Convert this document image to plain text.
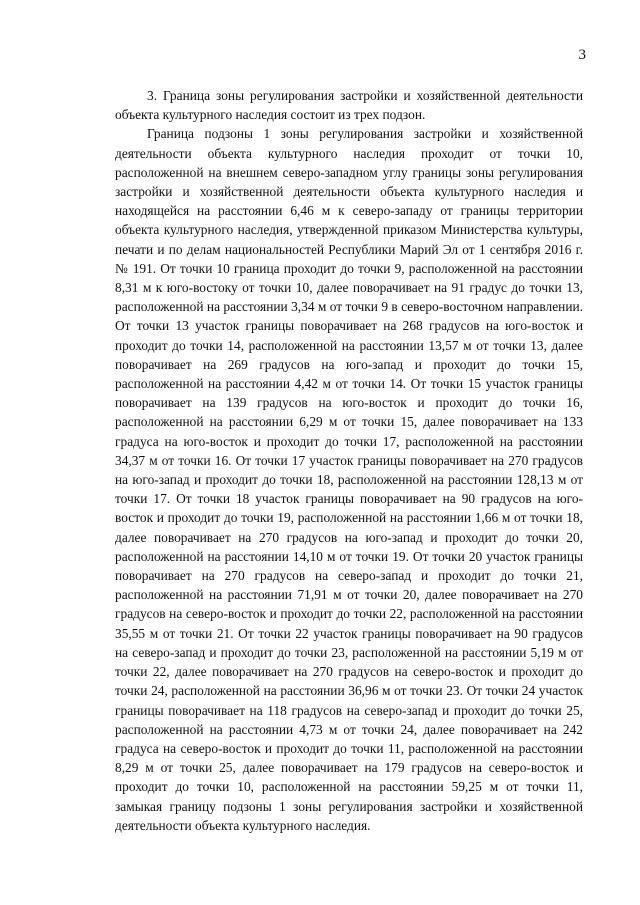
3

3. Граница зоны регулирования застройки и хозяйственной деятельности объекта культурного наследия состоит из трех подзон.

Граница подзоны 1 зоны регулирования застройки и хозяйственной деятельности объекта культурного наследия проходит от точки 10, расположенной на внешнем северо-западном углу границы зоны регулирования застройки и хозяйственной деятельности объекта культурного наследия и находящейся на расстоянии 6,46 м к северо-западу от границы территории объекта культурного наследия, утвержденной приказом Министерства культуры, печати и по делам национальностей Республики Марий Эл от 1 сентября 2016 г. № 191. От точки 10 граница проходит до точки 9, расположенной на расстоянии 8,31 м к юго-востоку от точки 10, далее поворачивает на 91 градус до точки 13, расположенной на расстоянии 3,34 м от точки 9 в северо-восточном направлении. От точки 13 участок границы поворачивает на 268 градусов на юго-восток и проходит до точки 14, расположенной на расстоянии 13,57 м от точки 13, далее поворачивает на 269 градусов на юго-запад и проходит до точки 15, расположенной на расстоянии 4,42 м от точки 14. От точки 15 участок границы поворачивает на 139 градусов на юго-восток и проходит до точки 16, расположенной на расстоянии 6,29 м от точки 15, далее поворачивает на 133 градуса на юго-восток и проходит до точки 17, расположенной на расстоянии 34,37 м от точки 16. От точки 17 участок границы поворачивает на 270 градусов на юго-запад и проходит до точки 18, расположенной на расстоянии 128,13 м от точки 17. От точки 18 участок границы поворачивает на 90 градусов на юго-восток и проходит до точки 19, расположенной на расстоянии 1,66 м от точки 18, далее поворачивает на 270 градусов на юго-запад и проходит до точки 20, расположенной на расстоянии 14,10 м от точки 19. От точки 20 участок границы поворачивает на 270 градусов на северо-запад и проходит до точки 21, расположенной на расстоянии 71,91 м от точки 20, далее поворачивает на 270 градусов на северо-восток и проходит до точки 22, расположенной на расстоянии 35,55 м от точки 21. От точки 22 участок границы поворачивает на 90 градусов на северо-запад и проходит до точки 23, расположенной на расстоянии 5,19 м от точки 22, далее поворачивает на 270 градусов на северо-восток и проходит до точки 24, расположенной на расстоянии 36,96 м от точки 23. От точки 24 участок границы поворачивает на 118 градусов на северо-запад и проходит до точки 25, расположенной на расстоянии 4,73 м от точки 24, далее поворачивает на 242 градуса на северо-восток и проходит до точки 11, расположенной на расстоянии 8,29 м от точки 25, далее поворачивает на 179 градусов на северо-восток и проходит до точки 10, расположенной на расстоянии 59,25 м от точки 11, замыкая границу подзоны 1 зоны регулирования застройки и хозяйственной деятельности объекта культурного наследия.
